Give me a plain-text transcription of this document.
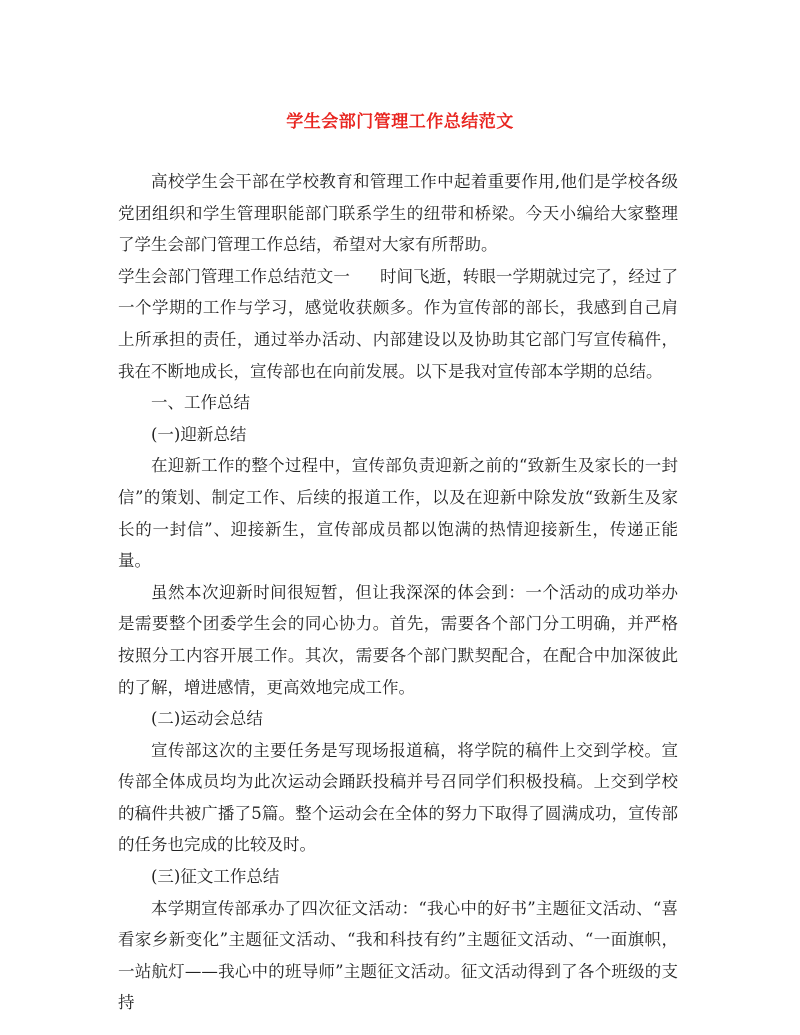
学生会部门管理工作总结范文

高校学生会干部在学校教育和管理工作中起着重要作用,他们是学校各级党团组织和学生管理职能部门联系学生的纽带和桥梁。今天小编给大家整理了学生会部门管理工作总结，希望对大家有所帮助。

学生会部门管理工作总结范文一 时间飞逝，转眼一学期就过完了，经过了一个学期的工作与学习，感觉收获颇多。作为宣传部的部长，我感到自己肩上所承担的责任，通过举办活动、内部建设以及协助其它部门写宣传稿件，我在不断地成长，宣传部也在向前发展。以下是我对宣传部本学期的总结。

一、工作总结

(一)迎新总结

在迎新工作的整个过程中，宣传部负责迎新之前的“致新生及家长的一封信”的策划、制定工作、后续的报道工作，以及在迎新中除发放“致新生及家长的一封信”、迎接新生，宣传部成员都以饱满的热情迎接新生，传递正能量。

虽然本次迎新时间很短暂，但让我深深的体会到：一个活动的成功举办是需要整个团委学生会的同心协力。首先，需要各个部门分工明确，并严格按照分工内容开展工作。其次，需要各个部门默契配合，在配合中加深彼此的了解，增进感情，更高效地完成工作。

(二)运动会总结

宣传部这次的主要任务是写现场报道稿，将学院的稿件上交到学校。宣传部全体成员均为此次运动会踊跃投稿并号召同学们积极投稿。上交到学校的稿件共被广播了5篇。整个运动会在全体的努力下取得了圆满成功，宣传部的任务也完成的比较及时。

(三)征文工作总结

本学期宣传部承办了四次征文活动：“我心中的好书”主题征文活动、“喜看家乡新变化”主题征文活动、“我和科技有约”主题征文活动、“一面旗帜，一站航灯——我心中的班导师”主题征文活动。征文活动得到了各个班级的支持
